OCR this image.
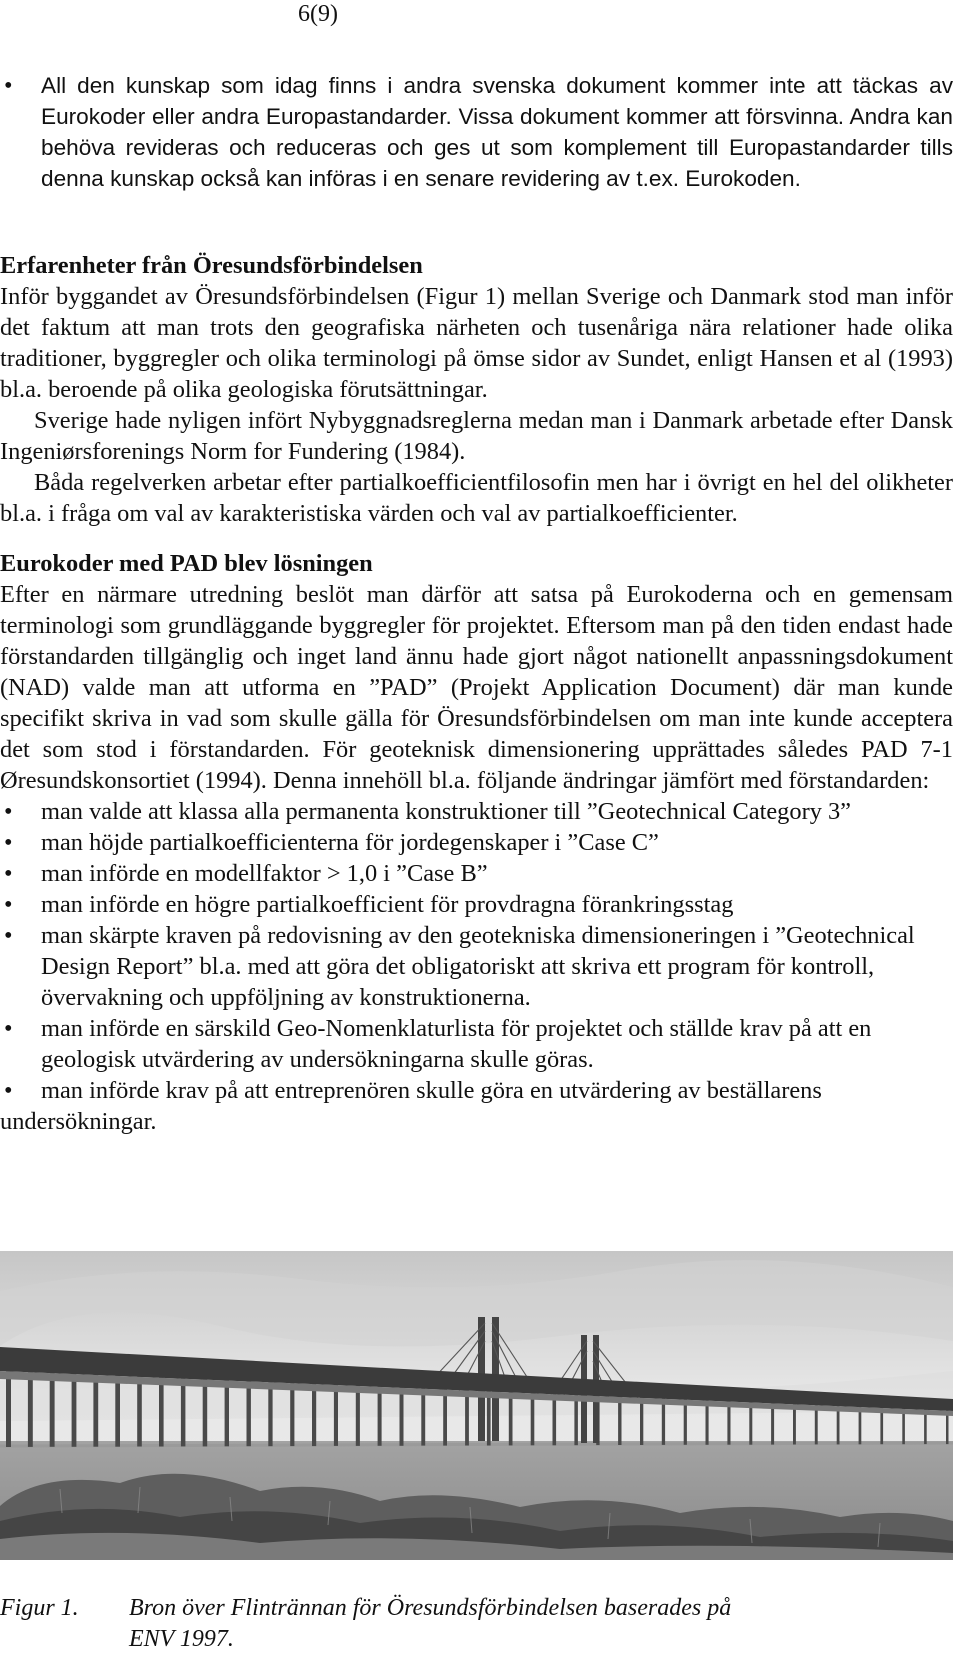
6(9)
• All den kunskap som idag finns i andra svenska dokument kommer inte att täckas av Eurokoder eller andra Europastandarder. Vissa dokument kommer att försvinna. Andra kan behöva revideras och reduceras och ges ut som komplement till Europastandarder tills denna kunskap också kan införas i en senare revidering av t.ex. Eurokoden.
Erfarenheter från Öresundsförbindelsen
Inför byggandet av Öresundsförbindelsen (Figur 1) mellan Sverige och Danmark stod man inför det faktum att man trots den geografiska närheten och tusenåriga nära relationer hade olika traditioner, byggregler och olika terminologi på ömse sidor av Sundet, enligt Hansen et al (1993) bl.a. beroende på olika geologiska förutsättningar.
Sverige hade nyligen infört Nybyggnadsreglerna medan man i Danmark arbetade efter Dansk Ingeniørsforenings Norm for Fundering (1984).
Båda regelverken arbetar efter partialkoefficientfilosofin men har i övrigt en hel del olikheter bl.a. i fråga om val av karakteristiska värden och val av partialkoefficienter.
Eurokoder med PAD blev lösningen
Efter en närmare utredning beslöt man därför att satsa på Eurokoderna och en gemensam terminologi som grundläggande byggregler för projektet. Eftersom man på den tiden endast hade förstandarden tillgänglig och inget land ännu hade gjort något nationellt anpassningsdokument (NAD) valde man att utforma en ”PAD” (Projekt Application Document) där man kunde specifikt skriva in vad som skulle gälla för Öresundsförbindelsen om man inte kunde acceptera det som stod i förstandarden. För geoteknisk dimensionering upprättades således PAD 7-1 Øresundskonsortiet (1994). Denna innehöll bl.a. följande ändringar jämfört med förstandarden:
• man valde att klassa alla permanenta konstruktioner till ”Geotechnical Category 3”
• man höjde partialkoefficienterna för jordegenskaper i ”Case C”
• man införde en modellfaktor > 1,0 i ”Case B”
• man införde en högre partialkoefficient för provdragna förankringsstag
• man skärpte kraven på redovisning av den geotekniska dimensioneringen i ”Geotechnical Design Report” bl.a. med att göra det obligatoriskt att skriva ett program för kontroll, övervakning och uppföljning av konstruktionerna.
• man införde en särskild Geo-Nomenklaturlista för projektet och ställde krav på att en geologisk utvärdering av undersökningarna skulle göras.
• man införde krav på att entreprenören skulle göra en utvärdering av beställarens undersökningar.
Figur 1. Bron över Flintrännan för Öresundsförbindelsen baserades på ENV 1997.
